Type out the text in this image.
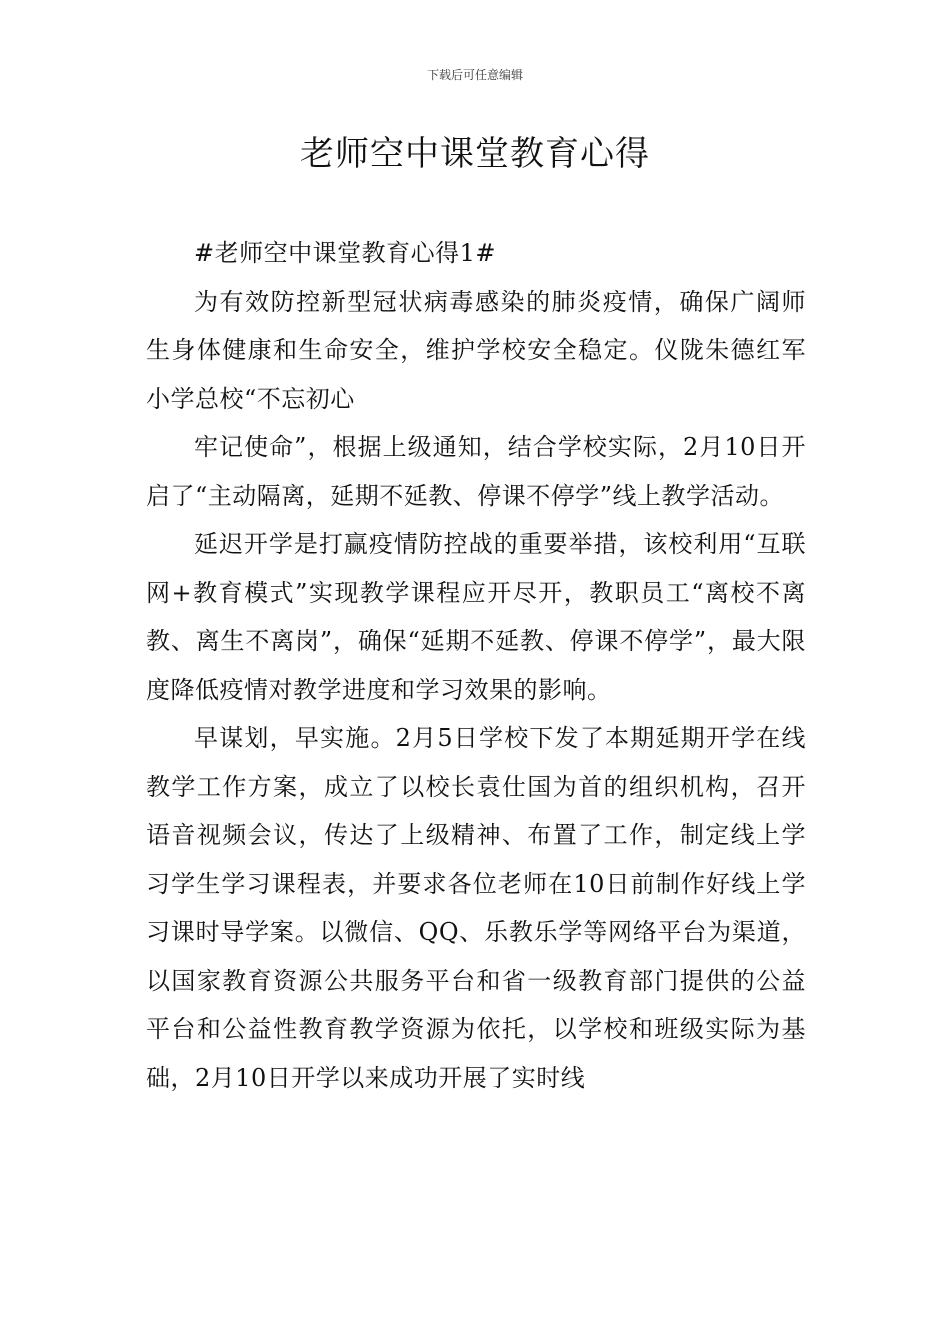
下载后可任意编辑
老师空中课堂教育心得

#老师空中课堂教育心得1#

为有效防控新型冠状病毒感染的肺炎疫情，确保广阔师生身体健康和生命安全，维护学校安全稳定。仪陇朱德红军小学总校“不忘初心

牢记使命”，根据上级通知，结合学校实际，2月10日开启了“主动隔离，延期不延教、停课不停学”线上教学活动。

延迟开学是打赢疫情防控战的重要举措，该校利用“互联网+教育模式”实现教学课程应开尽开，教职员工“离校不离教、离生不离岗”，确保“延期不延教、停课不停学”，最大限度降低疫情对教学进度和学习效果的影响。

早谋划，早实施。2月5日学校下发了本期延期开学在线教学工作方案，成立了以校长袁仕国为首的组织机构，召开语音视频会议，传达了上级精神、布置了工作，制定线上学习学生学习课程表，并要求各位老师在10日前制作好线上学习课时导学案。以微信、QQ、乐教乐学等网络平台为渠道，以国家教育资源公共服务平台和省一级教育部门提供的公益平台和公益性教育教学资源为依托，以学校和班级实际为基础，2月10日开学以来成功开展了实时线
